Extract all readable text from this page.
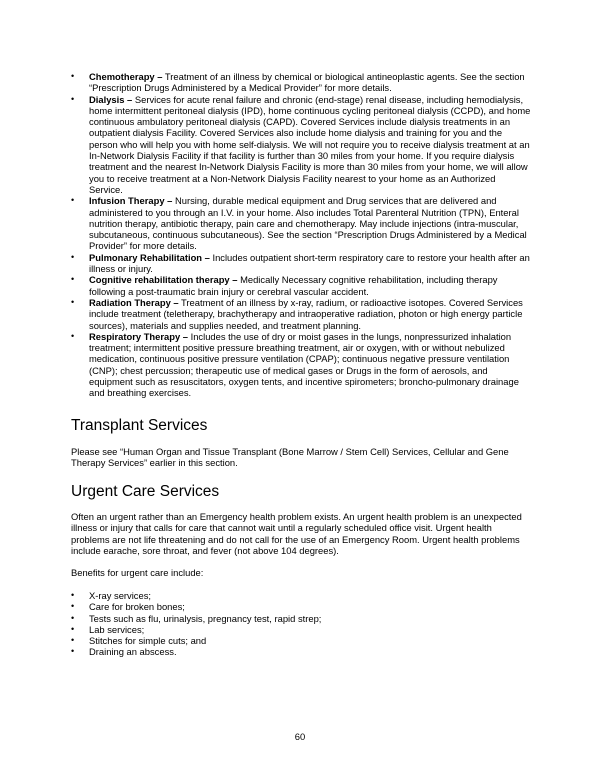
• Chemotherapy – Treatment of an illness by chemical or biological antineoplastic agents. See the section “Prescription Drugs Administered by a Medical Provider” for more details.
• Dialysis – Services for acute renal failure and chronic (end-stage) renal disease, including hemodialysis, home intermittent peritoneal dialysis (IPD), home continuous cycling peritoneal dialysis (CCPD), and home continuous ambulatory peritoneal dialysis (CAPD). Covered Services include dialysis treatments in an outpatient dialysis Facility. Covered Services also include home dialysis and training for you and the person who will help you with home self-dialysis. We will not require you to receive dialysis treatment at an In-Network Dialysis Facility if that facility is further than 30 miles from your home. If you require dialysis treatment and the nearest In-Network Dialysis Facility is more than 30 miles from your home, we will allow you to receive treatment at a Non-Network Dialysis Facility nearest to your home as an Authorized Service.
• Infusion Therapy – Nursing, durable medical equipment and Drug services that are delivered and administered to you through an I.V. in your home. Also includes Total Parenteral Nutrition (TPN), Enteral nutrition therapy, antibiotic therapy, pain care and chemotherapy. May include injections (intra-muscular, subcutaneous, continuous subcutaneous). See the section “Prescription Drugs Administered by a Medical Provider” for more details.
• Pulmonary Rehabilitation – Includes outpatient short-term respiratory care to restore your health after an illness or injury.
• Cognitive rehabilitation therapy – Medically Necessary cognitive rehabilitation, including therapy following a post-traumatic brain injury or cerebral vascular accident.
• Radiation Therapy – Treatment of an illness by x-ray, radium, or radioactive isotopes. Covered Services include treatment (teletherapy, brachytherapy and intraoperative radiation, photon or high energy particle sources), materials and supplies needed, and treatment planning.
• Respiratory Therapy – Includes the use of dry or moist gases in the lungs, nonpressurized inhalation treatment; intermittent positive pressure breathing treatment, air or oxygen, with or without nebulized medication, continuous positive pressure ventilation (CPAP); continuous negative pressure ventilation (CNP); chest percussion; therapeutic use of medical gases or Drugs in the form of aerosols, and equipment such as resuscitators, oxygen tents, and incentive spirometers; broncho-pulmonary drainage and breathing exercises.
Transplant Services

Please see “Human Organ and Tissue Transplant (Bone Marrow / Stem Cell) Services, Cellular and Gene Therapy Services” earlier in this section.

Urgent Care Services

Often an urgent rather than an Emergency health problem exists. An urgent health problem is an unexpected illness or injury that calls for care that cannot wait until a regularly scheduled office visit. Urgent health problems are not life threatening and do not call for the use of an Emergency Room. Urgent health problems include earache, sore throat, and fever (not above 104 degrees).

Benefits for urgent care include:

• X-ray services;
• Care for broken bones;
• Tests such as flu, urinalysis, pregnancy test, rapid strep;
• Lab services;
• Stitches for simple cuts; and
• Draining an abscess.
60
